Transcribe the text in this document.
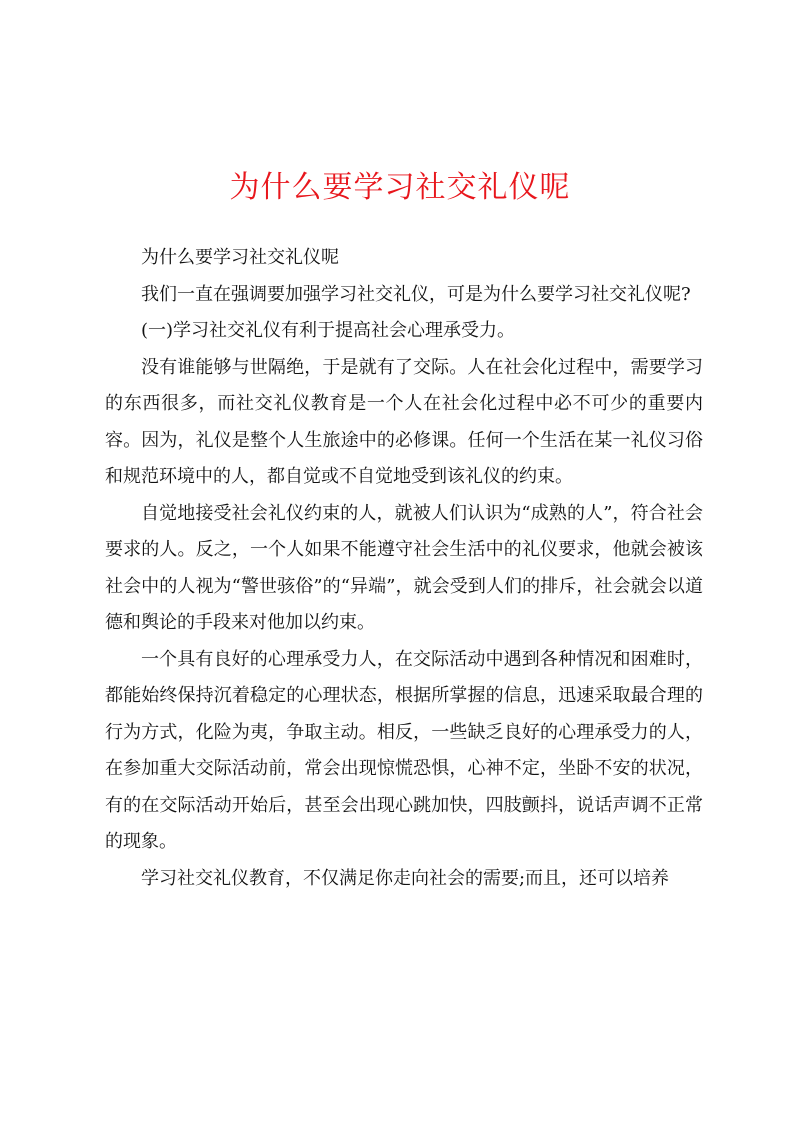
为什么要学习社交礼仪呢

为什么要学习社交礼仪呢

我们一直在强调要加强学习社交礼仪，可是为什么要学习社交礼仪呢?

(一)学习社交礼仪有利于提高社会心理承受力。

没有谁能够与世隔绝，于是就有了交际。人在社会化过程中，需要学习的东西很多，而社交礼仪教育是一个人在社会化过程中必不可少的重要内容。因为，礼仪是整个人生旅途中的必修课。任何一个生活在某一礼仪习俗和规范环境中的人，都自觉或不自觉地受到该礼仪的约束。

自觉地接受社会礼仪约束的人，就被人们认识为“成熟的人”，符合社会要求的人。反之，一个人如果不能遵守社会生活中的礼仪要求，他就会被该社会中的人视为“警世骇俗”的“异端”，就会受到人们的排斥，社会就会以道德和舆论的手段来对他加以约束。

一个具有良好的心理承受力人，在交际活动中遇到各种情况和困难时，都能始终保持沉着稳定的心理状态，根据所掌握的信息，迅速采取最合理的行为方式，化险为夷，争取主动。相反，一些缺乏良好的心理承受力的人，在参加重大交际活动前，常会出现惊慌恐惧，心神不定，坐卧不安的状况，有的在交际活动开始后，甚至会出现心跳加快，四肢颤抖，说话声调不正常的现象。

学习社交礼仪教育，不仅满足你走向社会的需要;而且，还可以培养
